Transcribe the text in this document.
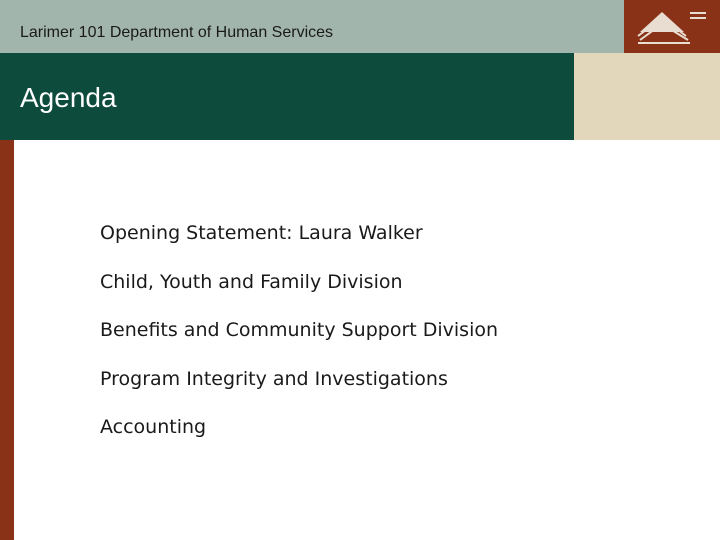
Larimer 101 Department of Human Services
Agenda
Opening Statement: Laura Walker
Child, Youth and Family Division
Benefits and Community Support Division
Program Integrity and Investigations
Accounting
